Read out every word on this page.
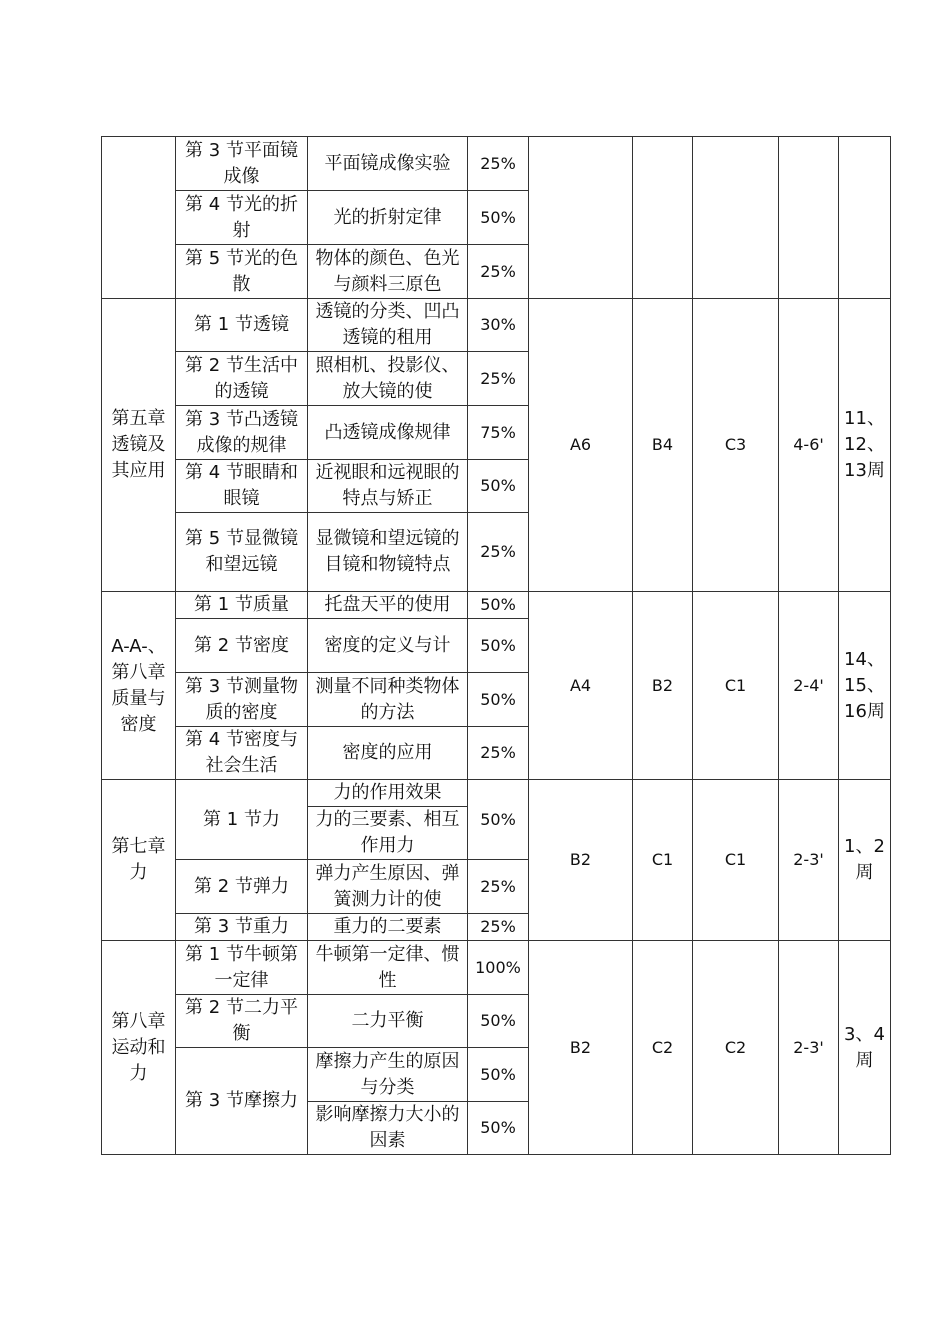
	第 3 节平面镜成像	平面镜成像实验	25%					
	第 4 节光的折射	光的折射定律	50%					
	第 5 节光的色散	物体的颜色、色光与颜料三原色	25%					
第五章透镜及其应用	第 1 节透镜	透镜的分类、凹凸透镜的租用	30%	A6	B4	C3	4-6'	11、12、13周
	第 2 节生活中的透镜	照相机、投影仪、放大镜的使	25%					
	第 3 节凸透镜成像的规律	凸透镜成像规律	75%					
	第 4 节眼睛和眼镜	近视眼和远视眼的特点与矫正	50%					
	第 5 节显微镜和望远镜	显微镜和望远镜的目镜和物镜特点	25%					
A-A-、第八章质量与密度	第 1 节质量	托盘天平的使用	50%	A4	B2	C1	2-4'	14、15、16周
	第 2 节密度	密度的定义与计	50%					
	第 3 节测量物质的密度	测量不同种类物体的方法	50%					
	第 4 节密度与社会生活	密度的应用	25%					
第七章力	第 1 节力	力的作用效果	50%	B2	C1	C1	2-3'	1、2周
		力的三要素、相互作用力						
	第 2 节弹力	弹力产生原因、弹簧测力计的使	25%					

	第 3 节重力	重力的二要素	25%					
第八章运动和力	第 1 节牛顿第一定律	牛顿第一定律、惯性	100%	B2	C2	C2	2-3'	3、4周
	第 2 节二力平衡	二力平衡	50%					
	第 3 节摩擦力	摩擦力产生的原因与分类	50%					
		影响摩擦力大小的因素	50%					
